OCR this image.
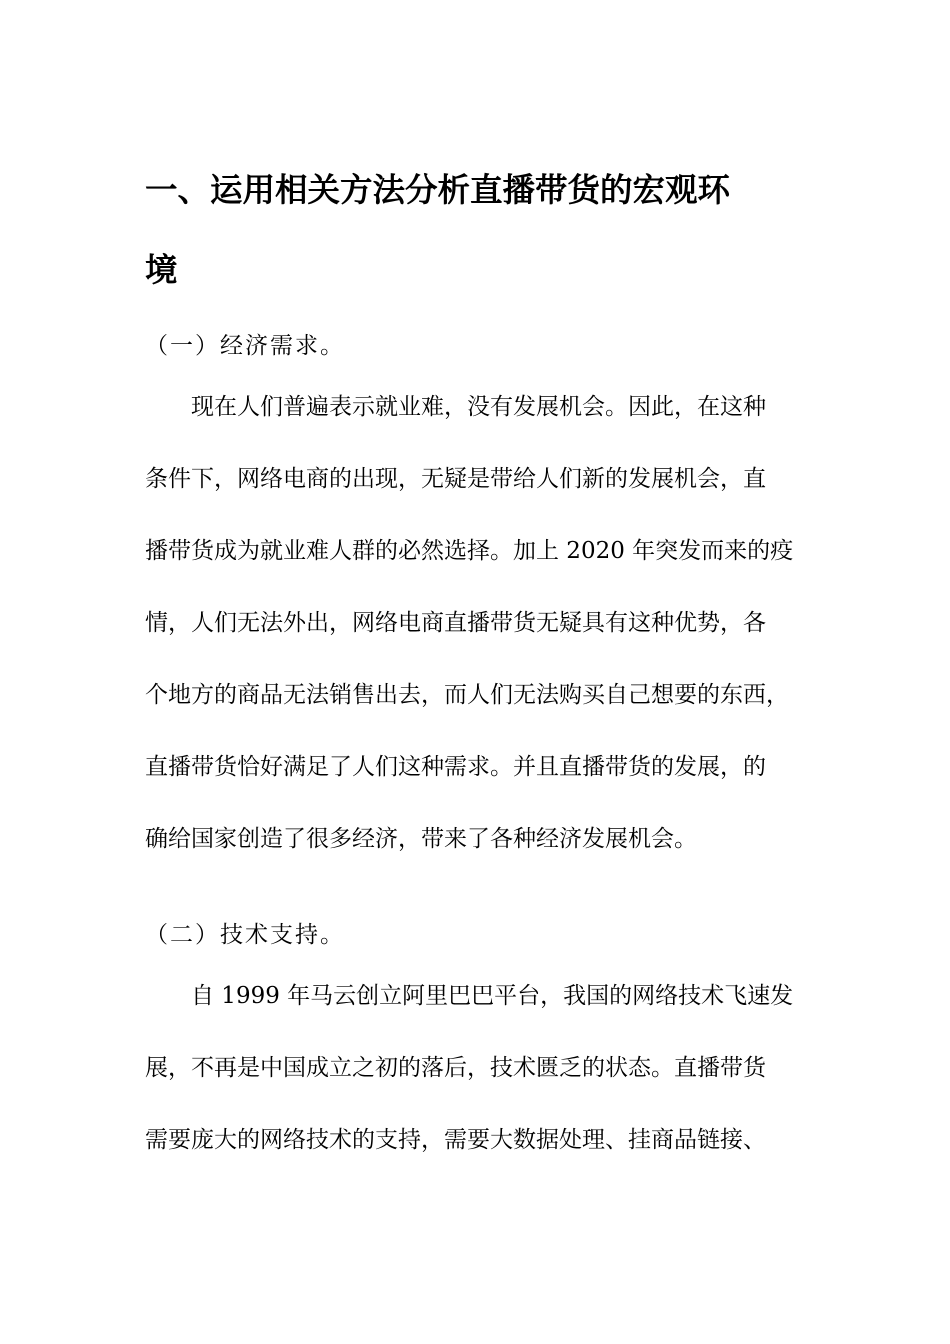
一、运用相关方法分析直播带货的宏观环
境

（一）经济需求。

　　现在人们普遍表示就业难，没有发展机会。因此，在这种

条件下，网络电商的出现，无疑是带给人们新的发展机会，直

播带货成为就业难人群的必然选择。加上 2020 年突发而来的疫

情，人们无法外出，网络电商直播带货无疑具有这种优势，各

个地方的商品无法销售出去，而人们无法购买自己想要的东西，

直播带货恰好满足了人们这种需求。并且直播带货的发展，的

确给国家创造了很多经济，带来了各种经济发展机会。

（二）技术支持。

　　自 1999 年马云创立阿里巴巴平台，我国的网络技术飞速发

展，不再是中国成立之初的落后，技术匮乏的状态。直播带货

需要庞大的网络技术的支持，需要大数据处理、挂商品链接、
